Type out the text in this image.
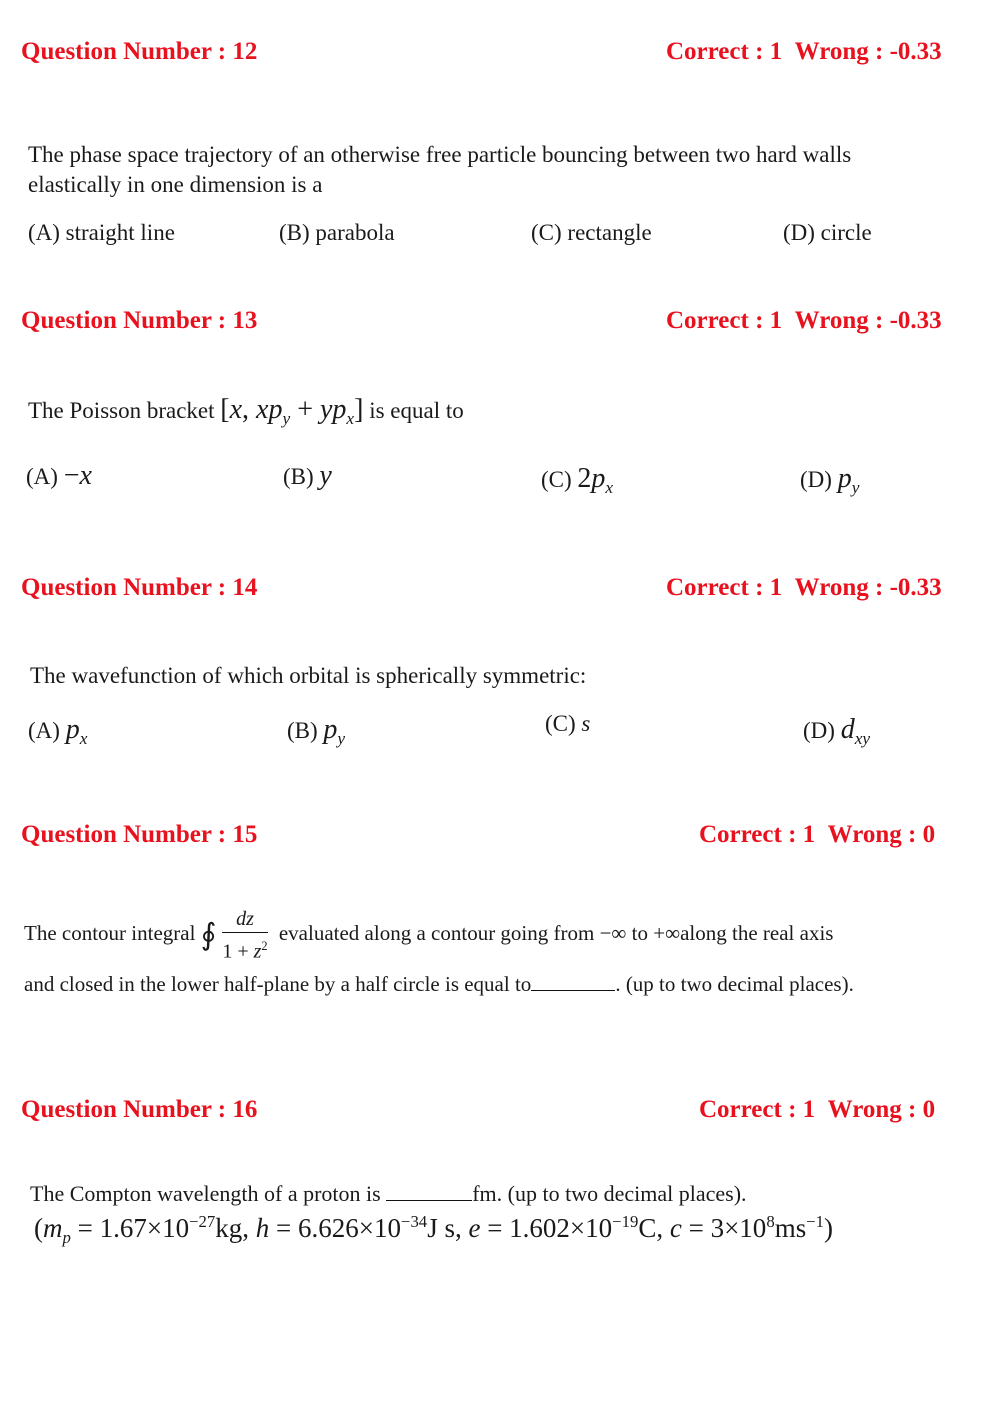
Question Number : 12	Correct : 1 Wrong : -0.33
The phase space trajectory of an otherwise free particle bouncing between two hard walls
elastically in one dimension is a
(A) straight line	(B) parabola	(C) rectangle	(D) circle
Question Number : 13	Correct : 1 Wrong : -0.33
The Poisson bracket [x, $xp_y + yp_x$] is equal to
(A) −x	(B) y	(C) $2p_x$	(D) $p_y$
Question Number : 14	Correct : 1 Wrong : -0.33
The wavefunction of which orbital is spherically symmetric:
(A) $p_x$	(B) $p_y$
(C) s	(D) $d_{xy}$
Question Number : 15	Correct : 1 Wrong : 0
The contour integral ∮ $\frac{dz}{1 + z^2}$ evaluated along a contour going from −∞ to +∞along the real axis
and closed in the lower half-plane by a half circle is equal to	. (up to two decimal places).
Question Number : 16	Correct : 1 Wrong : 0
The Compton wavelength of a proton is	fm. (up to two decimal places).
($m_p = 1.67\times 10^{-27}kg$, $h = 6.626\times 10^{-34}J$ s, $e = 1.602\times 10^{-19}C$, $c = 3\times 10^8ms^{-1}$)
